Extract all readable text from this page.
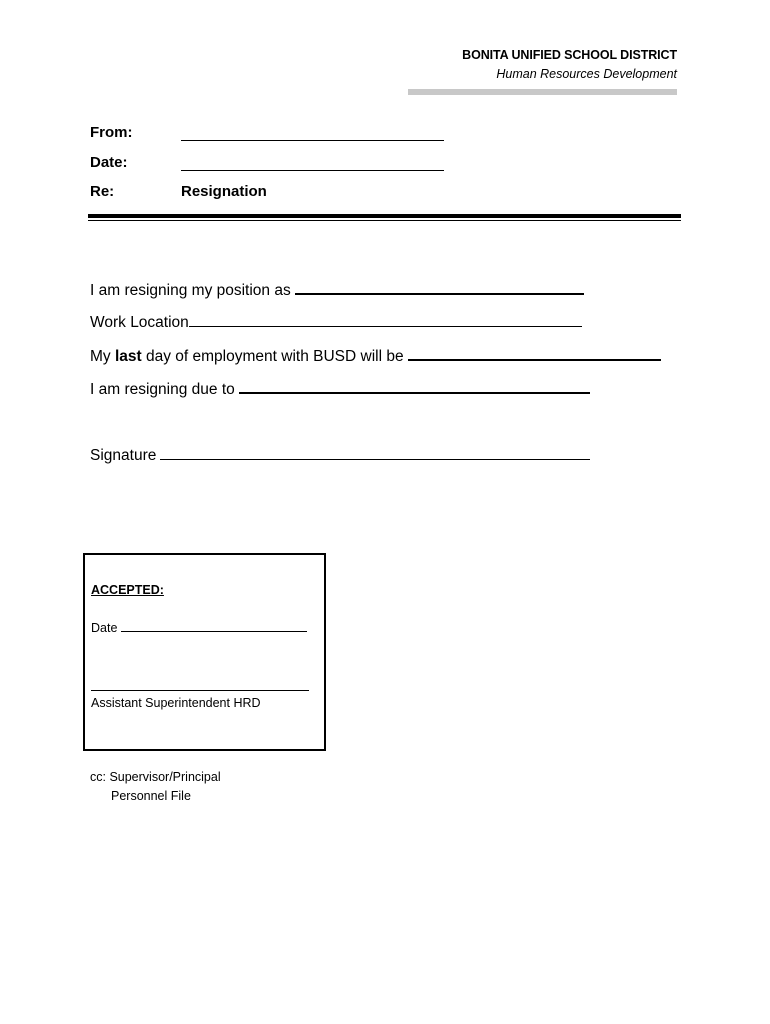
BONITA UNIFIED SCHOOL DISTRICT
Human Resources Development
From:
Date:
Re:	Resignation
I am resigning my position as
Work Location
My last day of employment with BUSD will be
I am resigning due to
Signature
ACCEPTED:
Date
Assistant Superintendent HRD
cc: Supervisor/Principal
Personnel File
